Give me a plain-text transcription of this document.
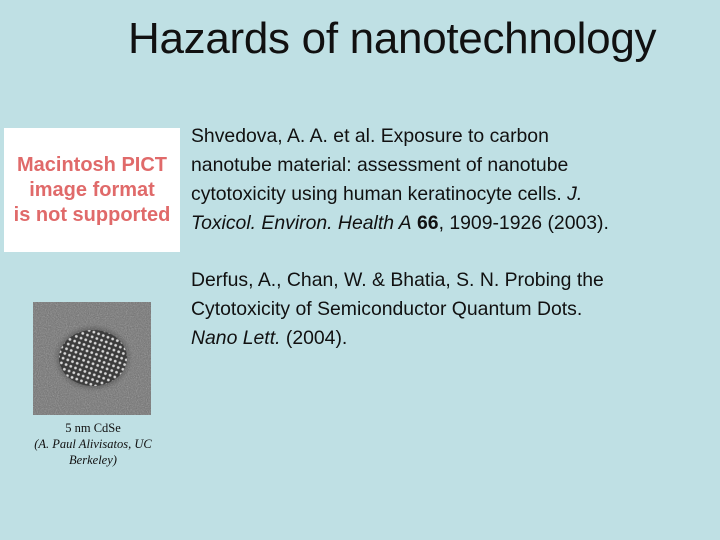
Hazards of nanotechnology
Macintosh PICT
image format
is not supported
5 nm CdSe
(A. Paul Alivisatos, UC Berkeley)
Shvedova, A. A. et al. Exposure to carbon
nanotube material: assessment of nanotube
cytotoxicity using human keratinocyte cells. J.
Toxicol. Environ. Health A 66, 1909-1926 (2003).
Derfus, A., Chan, W. & Bhatia, S. N. Probing the
Cytotoxicity of Semiconductor Quantum Dots.
Nano Lett. (2004).
